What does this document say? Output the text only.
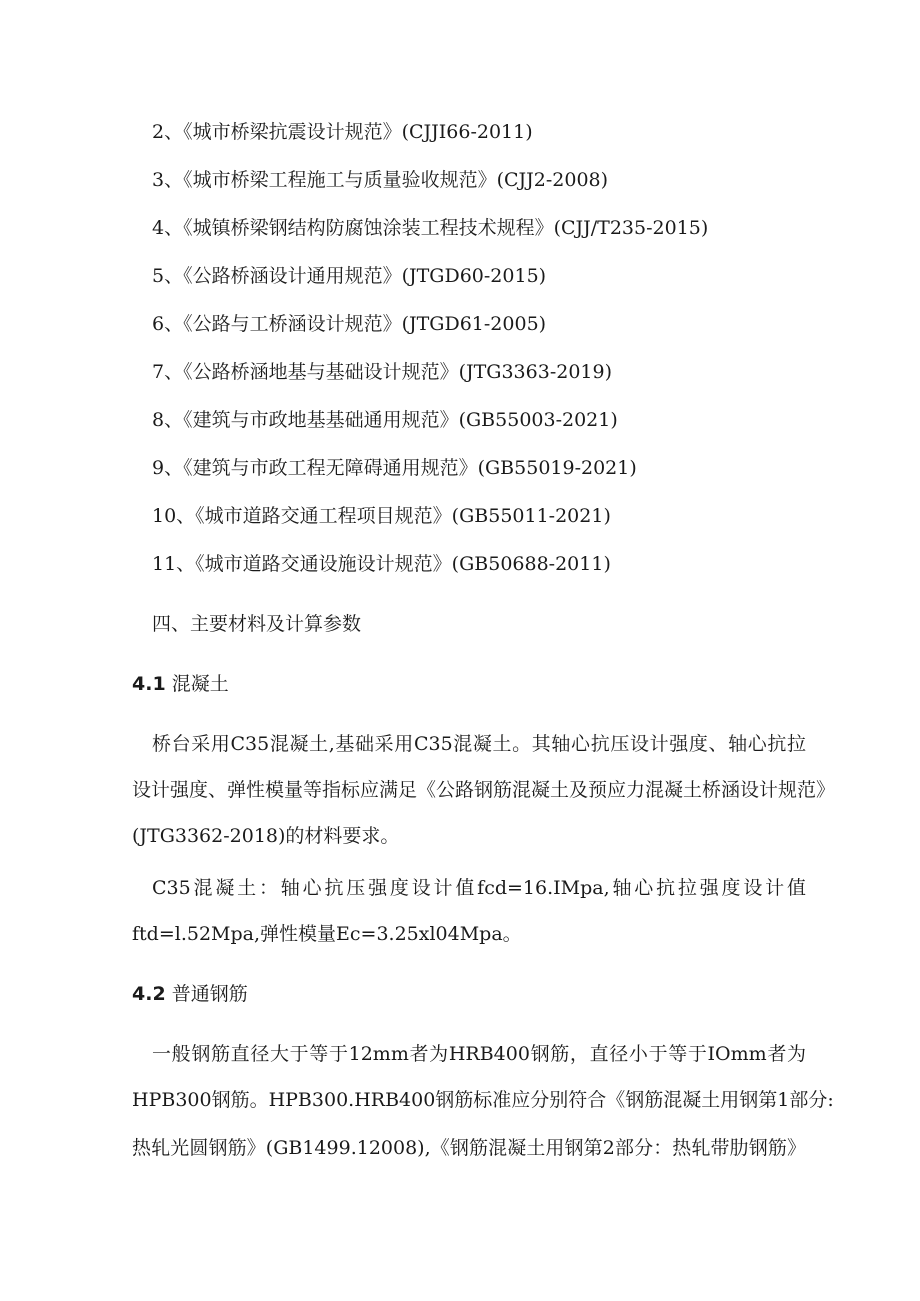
2、《城市桥梁抗震设计规范》(CJJI66-2011)
3、《城市桥梁工程施工与质量验收规范》(CJJ2-2008)
4、《城镇桥梁钢结构防腐蚀涂装工程技术规程》(CJJ/T235-2015)
5、《公路桥涵设计通用规范》(JTGD60-2015)
6、《公路与工桥涵设计规范》(JTGD61-2005)
7、《公路桥涵地基与基础设计规范》(JTG3363-2019)
8、《建筑与市政地基基础通用规范》(GB55003-2021)
9、《建筑与市政工程无障碍通用规范》(GB55019-2021)
10、《城市道路交通工程项目规范》(GB55011-2021)
11、《城市道路交通设施设计规范》(GB50688-2011)
四、主要材料及计算参数
4.1 混凝土
桥台采用C35混凝土,基础采用C35混凝土。其轴心抗压设计强度、轴心抗拉
设计强度、弹性模量等指标应满足《公路钢筋混凝土及预应力混凝土桥涵设计规范》
(JTG3362-2018)的材料要求。
C35混凝土：轴心抗压强度设计值fcd=16.IMpa,轴心抗拉强度设计值
ftd=l.52Mpa,弹性模量Ec=3.25xl04Mpa。
4.2 普通钢筋
一般钢筋直径大于等于12mm者为HRB400钢筋，直径小于等于IOmm者为
HPB300钢筋。HPB300.HRB400钢筋标准应分别符合《钢筋混凝土用钢第1部分:
热轧光圆钢筋》(GB1499.12008),《钢筋混凝土用钢第2部分：热轧带肋钢筋》
